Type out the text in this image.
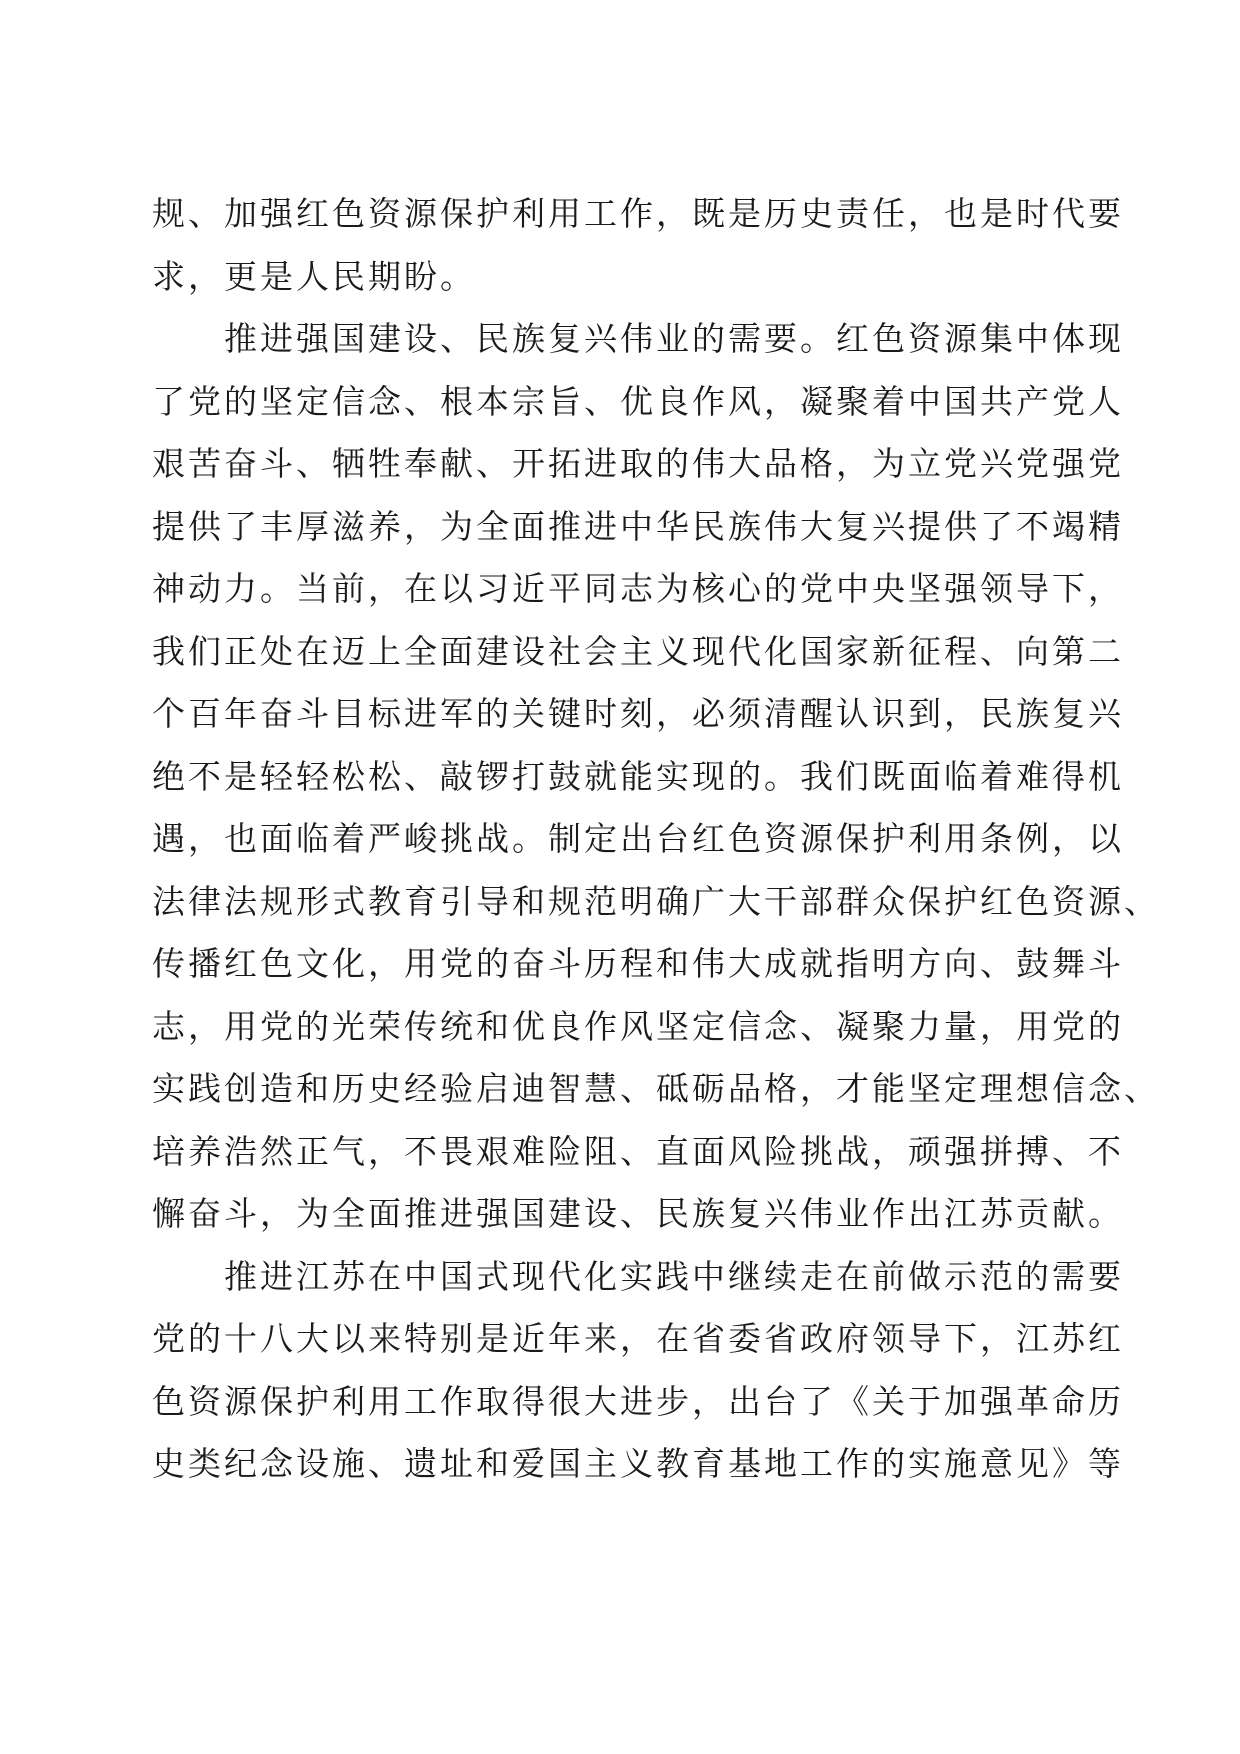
规、加强红色资源保护利用工作，既是历史责任，也是时代要
求，更是人民期盼。
推进强国建设、民族复兴伟业的需要。红色资源集中体现
了党的坚定信念、根本宗旨、优良作风，凝聚着中国共产党人
艰苦奋斗、牺牲奉献、开拓进取的伟大品格，为立党兴党强党
提供了丰厚滋养，为全面推进中华民族伟大复兴提供了不竭精
神动力。当前，在以习近平同志为核心的党中央坚强领导下，
我们正处在迈上全面建设社会主义现代化国家新征程、向第二
个百年奋斗目标进军的关键时刻，必须清醒认识到，民族复兴
绝不是轻轻松松、敲锣打鼓就能实现的。我们既面临着难得机
遇，也面临着严峻挑战。制定出台红色资源保护利用条例，以
法律法规形式教育引导和规范明确广大干部群众保护红色资源、
传播红色文化，用党的奋斗历程和伟大成就指明方向、鼓舞斗
志，用党的光荣传统和优良作风坚定信念、凝聚力量，用党的
实践创造和历史经验启迪智慧、砥砺品格，才能坚定理想信念、
培养浩然正气，不畏艰难险阻、直面风险挑战，顽强拼搏、不
懈奋斗，为全面推进强国建设、民族复兴伟业作出江苏贡献。
推进江苏在中国式现代化实践中继续走在前做示范的需要
党的十八大以来特别是近年来，在省委省政府领导下，江苏红
色资源保护利用工作取得很大进步，出台了《关于加强革命历
史类纪念设施、遗址和爱国主义教育基地工作的实施意见》等
